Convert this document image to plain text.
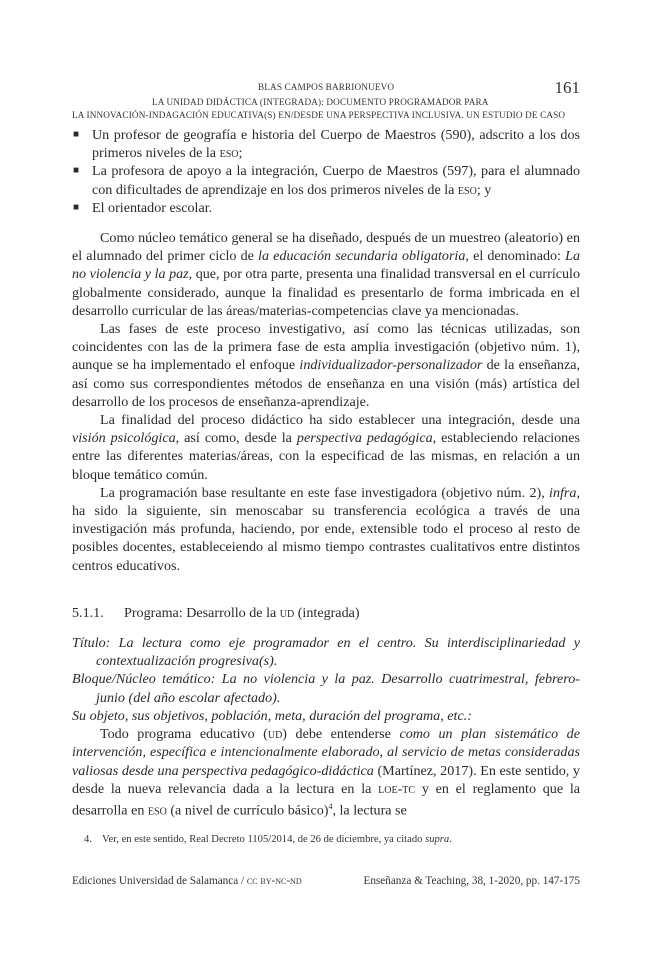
BLAS CAMPOS BARRIONUEVO	161
LA UNIDAD DIDÁCTICA (INTEGRADA): DOCUMENTO PROGRAMADOR PARA
LA INNOVACIÓN-INDAGACIÓN EDUCATIVA(S) EN/DESDE UNA PERSPECTIVA INCLUSIVA. UN ESTUDIO DE CASO
■ Un profesor de geografía e historia del Cuerpo de Maestros (590), adscrito a los dos primeros niveles de la eso;
■ La profesora de apoyo a la integración, Cuerpo de Maestros (597), para el alumnado con dificultades de aprendizaje en los dos primeros niveles de la eso; y
■ El orientador escolar.

Como núcleo temático general se ha diseñado, después de un muestreo (aleatorio) en el alumnado del primer ciclo de la educación secundaria obligatoria, el denominado: La no violencia y la paz, que, por otra parte, presenta una finalidad transversal en el currículo globalmente considerado, aunque la finalidad es presentarlo de forma imbricada en el desarrollo curricular de las áreas/materias-competencias clave ya mencionadas.

Las fases de este proceso investigativo, así como las técnicas utilizadas, son coincidentes con las de la primera fase de esta amplia investigación (objetivo núm. 1), aunque se ha implementado el enfoque individualizador-personalizador de la enseñanza, así como sus correspondientes métodos de enseñanza en una visión (más) artística del desarrollo de los procesos de enseñanza-aprendizaje.

La finalidad del proceso didáctico ha sido establecer una integración, desde una visión psicológica, así como, desde la perspectiva pedagógica, estableciendo relaciones entre las diferentes materias/áreas, con la especificad de las mismas, en relación a un bloque temático común.

La programación base resultante en este fase investigadora (objetivo núm. 2), infra, ha sido la siguiente, sin menoscabar su transferencia ecológica a través de una investigación más profunda, haciendo, por ende, extensible todo el proceso al resto de posibles docentes, estableceiendo al mismo tiempo contrastes cualitativos entre distintos centros educativos.

5.1.1. Programa: Desarrollo de la ud (integrada)

Título: La lectura como eje programador en el centro. Su interdisciplinariedad y contextualización progresiva(s).

Bloque/Núcleo temático: La no violencia y la paz. Desarrollo cuatrimestral, febrero-junio (del año escolar afectado).

Su objeto, sus objetivos, población, meta, duración del programa, etc.:

Todo programa educativo (ud) debe entenderse como un plan sistemático de intervención, específica e intencionalmente elaborado, al servicio de metas consideradas valiosas desde una perspectiva pedagógico-didáctica (Martínez, 2017). En este sentido, y desde la nueva relevancia dada a la lectura en la loe-tc y en el reglamento que la desarrolla en eso (a nivel de currículo básico)$^4$, la lectura se

4. Ver, en este sentido, Real Decreto 1105/2014, de 26 de diciembre, ya citado supra.
Ediciones Universidad de Salamanca / cc by-nc-nd	Enseñanza & Teaching, 38, 1-2020, pp. 147-175
